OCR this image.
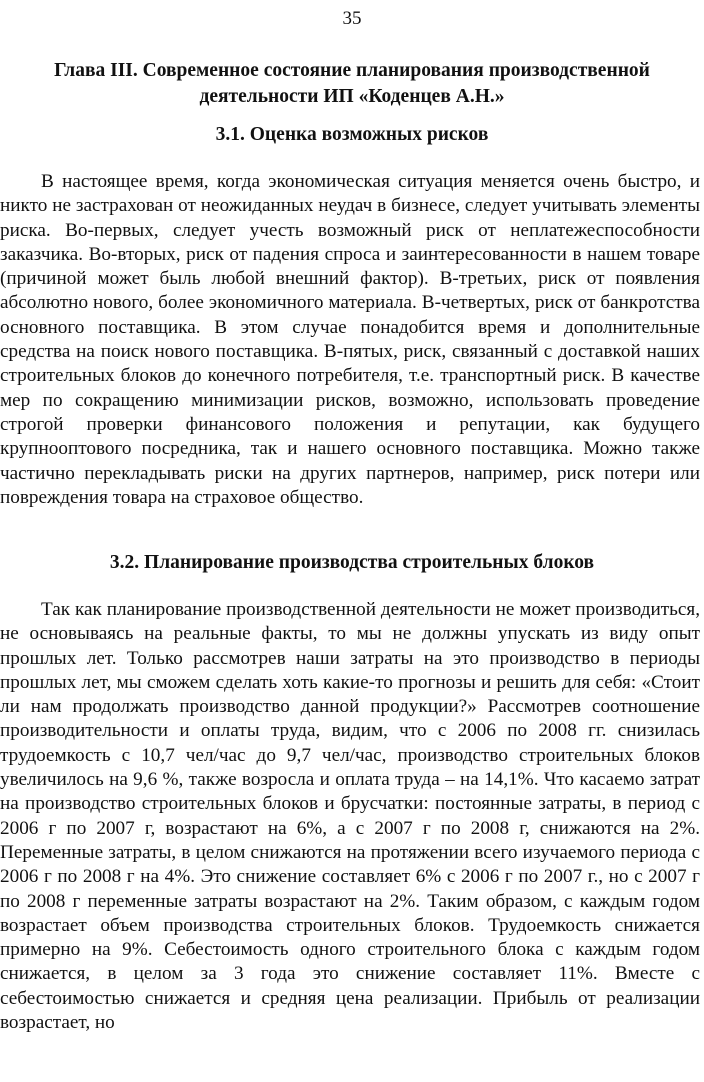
35
Глава III. Современное состояние планирования производственной деятельности ИП «Коденцев А.Н.»
3.1. Оценка возможных рисков
В настоящее время, когда экономическая ситуация меняется очень быстро, и никто не застрахован от неожиданных неудач в бизнесе, следует учитывать элементы риска. Во-первых, следует учесть возможный риск от неплатежеспособности заказчика. Во-вторых, риск от падения спроса и заинтересованности в нашем товаре (причиной может быль любой внешний фактор). В-третьих, риск от появления абсолютно нового, более экономичного материала. В-четвертых, риск от банкротства основного поставщика. В этом случае понадобится время и дополнительные средства на поиск нового поставщика. В-пятых, риск, связанный с доставкой наших строительных блоков до конечного потребителя, т.е. транспортный риск. В качестве мер по сокращению минимизации рисков, возможно, использовать проведение строгой проверки финансового положения и репутации, как будущего крупнооптового посредника, так и нашего основного поставщика. Можно также частично перекладывать риски на других партнеров, например, риск потери или повреждения товара на страховое общество.
3.2. Планирование производства строительных блоков
Так как планирование производственной деятельности не может производиться, не основываясь на реальные факты, то мы не должны упускать из виду опыт прошлых лет. Только рассмотрев наши затраты на это производство в периоды прошлых лет, мы сможем сделать хоть какие-то прогнозы и решить для себя: «Стоит ли нам продолжать производство данной продукции?» Рассмотрев соотношение производительности и оплаты труда, видим, что с 2006 по 2008 гг. снизилась трудоемкость с 10,7 чел/час до 9,7 чел/час, производство строительных блоков увеличилось на 9,6 %, также возросла и оплата труда – на 14,1%. Что касаемо затрат на производство строительных блоков и брусчатки: постоянные затраты, в период с 2006 г по 2007 г, возрастают на 6%, а с 2007 г по 2008 г, снижаются на 2%. Переменные затраты, в целом снижаются на протяжении всего изучаемого периода с 2006 г по 2008 г на 4%. Это снижение составляет 6% с 2006 г по 2007 г., но с 2007 г по 2008 г переменные затраты возрастают на 2%. Таким образом, с каждым годом возрастает объем производства строительных блоков. Трудоемкость снижается примерно на 9%. Себестоимость одного строительного блока с каждым годом снижается, в целом за 3 года это снижение составляет 11%. Вместе с себестоимостью снижается и средняя цена реализации. Прибыль от реализации возрастает, но
